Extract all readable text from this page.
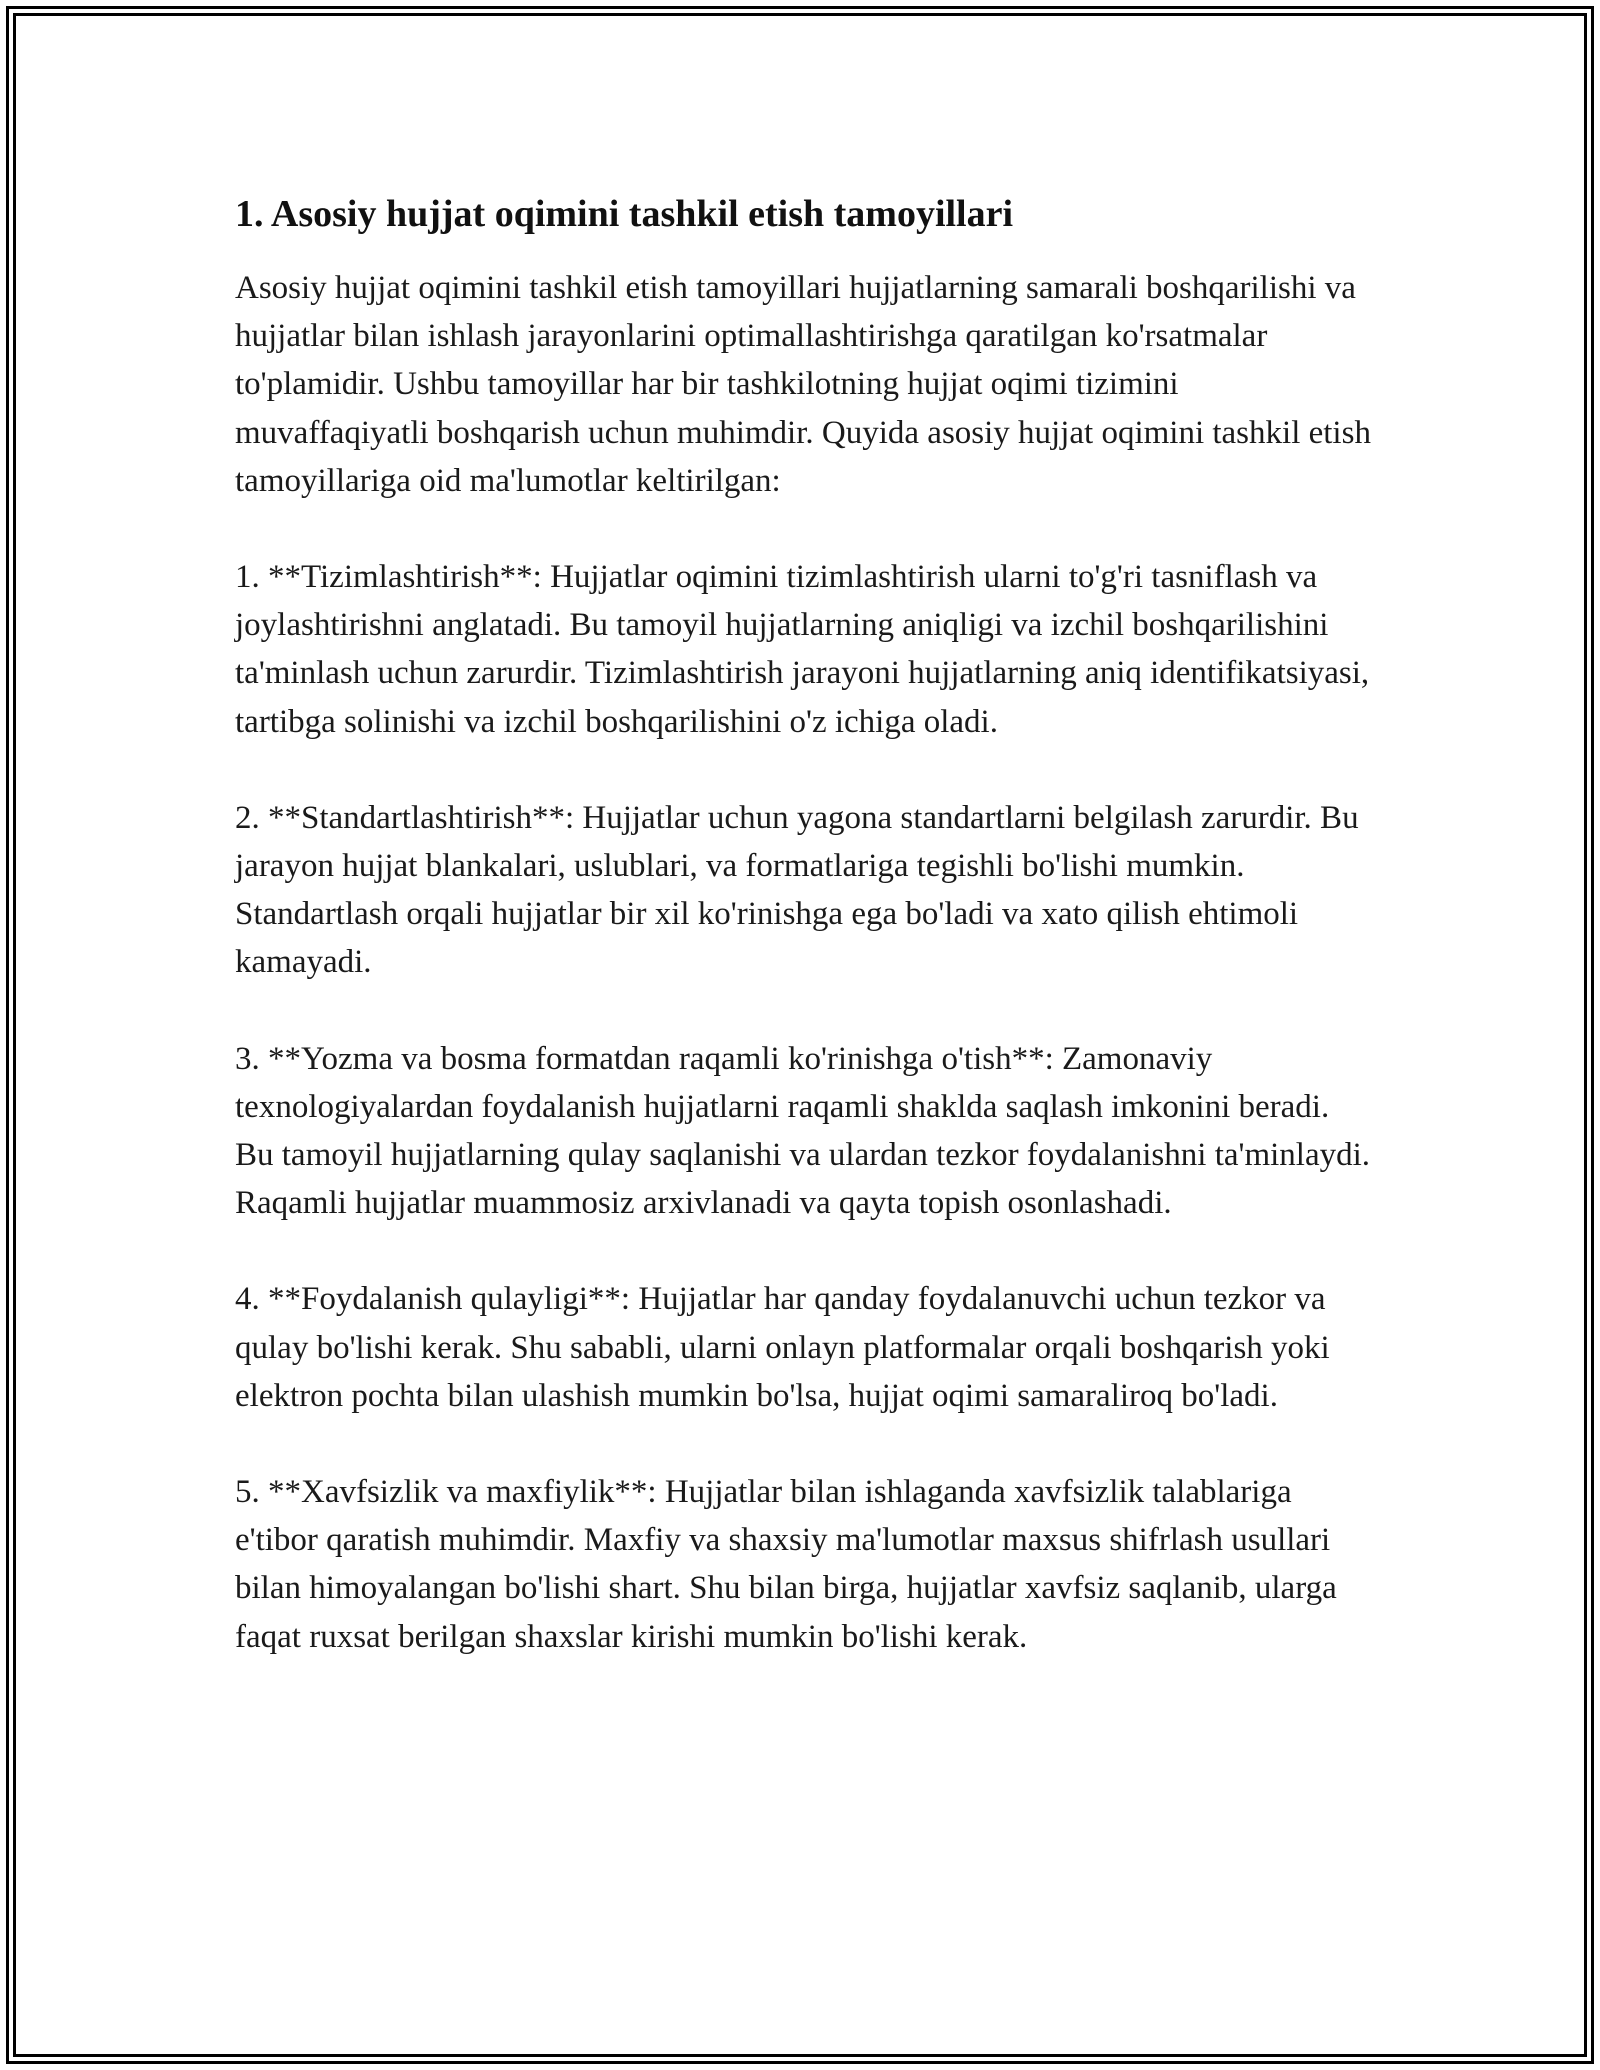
1. Asosiy hujjat oqimini tashkil etish tamoyillari

Asosiy hujjat oqimini tashkil etish tamoyillari hujjatlarning samarali boshqarilishi va hujjatlar bilan ishlash jarayonlarini optimallashtirishga qaratilgan ko'rsatmalar to'plamidir. Ushbu tamoyillar har bir tashkilotning hujjat oqimi tizimini muvaffaqiyatli boshqarish uchun muhimdir. Quyida asosiy hujjat oqimini tashkil etish tamoyillariga oid ma'lumotlar keltirilgan:

1. **Tizimlashtirish**: Hujjatlar oqimini tizimlashtirish ularni to'g'ri tasniflash va joylashtirishni anglatadi. Bu tamoyil hujjatlarning aniqligi va izchil boshqarilishini ta'minlash uchun zarurdir. Tizimlashtirish jarayoni hujjatlarning aniq identifikatsiyasi, tartibga solinishi va izchil boshqarilishini o'z ichiga oladi.

2. **Standartlashtirish**: Hujjatlar uchun yagona standartlarni belgilash zarurdir. Bu jarayon hujjat blankalari, uslublari, va formatlariga tegishli bo'lishi mumkin. Standartlash orqali hujjatlar bir xil ko'rinishga ega bo'ladi va xato qilish ehtimoli kamayadi.

3. **Yozma va bosma formatdan raqamli ko'rinishga o'tish**: Zamonaviy texnologiyalardan foydalanish hujjatlarni raqamli shaklda saqlash imkonini beradi. Bu tamoyil hujjatlarning qulay saqlanishi va ulardan tezkor foydalanishni ta'minlaydi. Raqamli hujjatlar muammosiz arxivlanadi va qayta topish osonlashadi.

4. **Foydalanish qulayligi**: Hujjatlar har qanday foydalanuvchi uchun tezkor va qulay bo'lishi kerak. Shu sababli, ularni onlayn platformalar orqali boshqarish yoki elektron pochta bilan ulashish mumkin bo'lsa, hujjat oqimi samaraliroq bo'ladi.

5. **Xavfsizlik va maxfiylik**: Hujjatlar bilan ishlaganda xavfsizlik talablariga e'tibor qaratish muhimdir. Maxfiy va shaxsiy ma'lumotlar maxsus shifrlash usullari bilan himoyalangan bo'lishi shart. Shu bilan birga, hujjatlar xavfsiz saqlanib, ularga faqat ruxsat berilgan shaxslar kirishi mumkin bo'lishi kerak.
